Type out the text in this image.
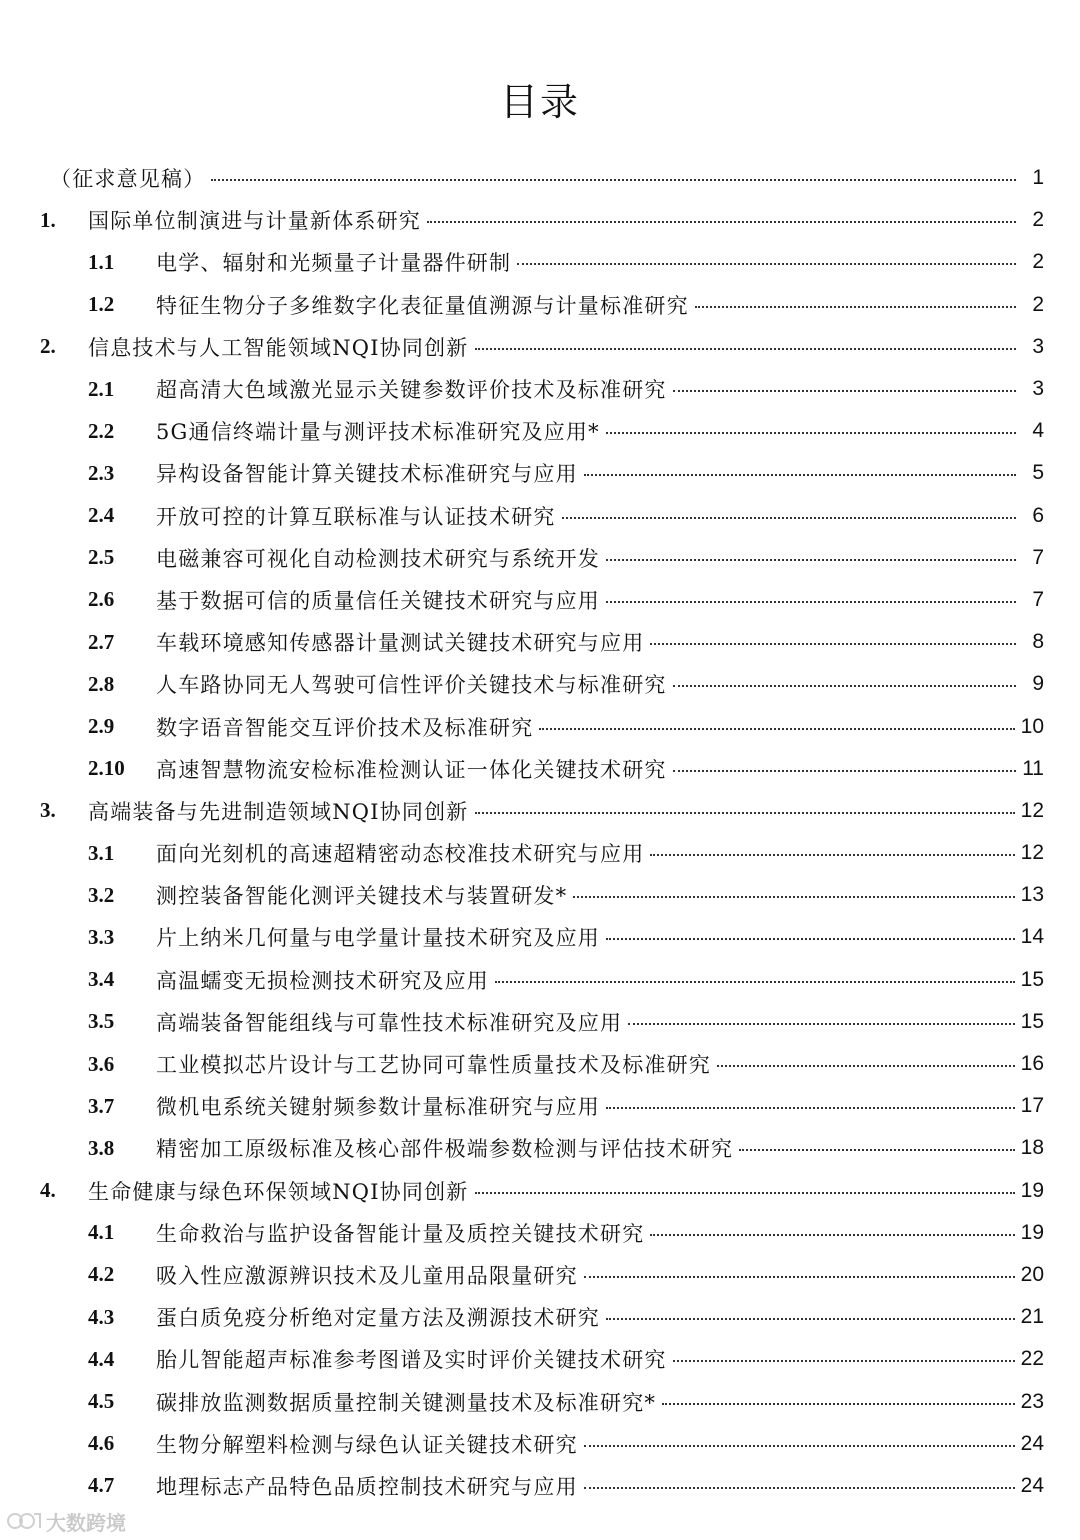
目录
（征求意见稿）	1
1.	国际单位制演进与计量新体系研究	2
1.1	电学、辐射和光频量子计量器件研制	2
1.2	特征生物分子多维数字化表征量值溯源与计量标准研究	2
2.	信息技术与人工智能领域NQI协同创新	3
2.1	超高清大色域激光显示关键参数评价技术及标准研究	3
2.2	5G通信终端计量与测评技术标准研究及应用*	4
2.3	异构设备智能计算关键技术标准研究与应用	5
2.4	开放可控的计算互联标准与认证技术研究	6
2.5	电磁兼容可视化自动检测技术研究与系统开发	7
2.6	基于数据可信的质量信任关键技术研究与应用	7
2.7	车载环境感知传感器计量测试关键技术研究与应用	8
2.8	人车路协同无人驾驶可信性评价关键技术与标准研究	9
2.9	数字语音智能交互评价技术及标准研究	10
2.10	高速智慧物流安检标准检测认证一体化关键技术研究	11
3.	高端装备与先进制造领域NQI协同创新	12
3.1	面向光刻机的高速超精密动态校准技术研究与应用	12
3.2	测控装备智能化测评关键技术与装置研发*	13
3.3	片上纳米几何量与电学量计量技术研究及应用	14
3.4	高温蠕变无损检测技术研究及应用	15
3.5	高端装备智能组线与可靠性技术标准研究及应用	15
3.6	工业模拟芯片设计与工艺协同可靠性质量技术及标准研究	16
3.7	微机电系统关键射频参数计量标准研究与应用	17
3.8	精密加工原级标准及核心部件极端参数检测与评估技术研究	18
4.	生命健康与绿色环保领域NQI协同创新	19
4.1	生命救治与监护设备智能计量及质控关键技术研究	19
4.2	吸入性应激源辨识技术及儿童用品限量研究	20
4.3	蛋白质免疫分析绝对定量方法及溯源技术研究	21
4.4	胎儿智能超声标准参考图谱及实时评价关键技术研究	22
4.5	碳排放监测数据质量控制关键测量技术及标准研究*	23
4.6	生物分解塑料检测与绿色认证关键技术研究	24
4.7	地理标志产品特色品质控制技术研究与应用	24
大数跨境
